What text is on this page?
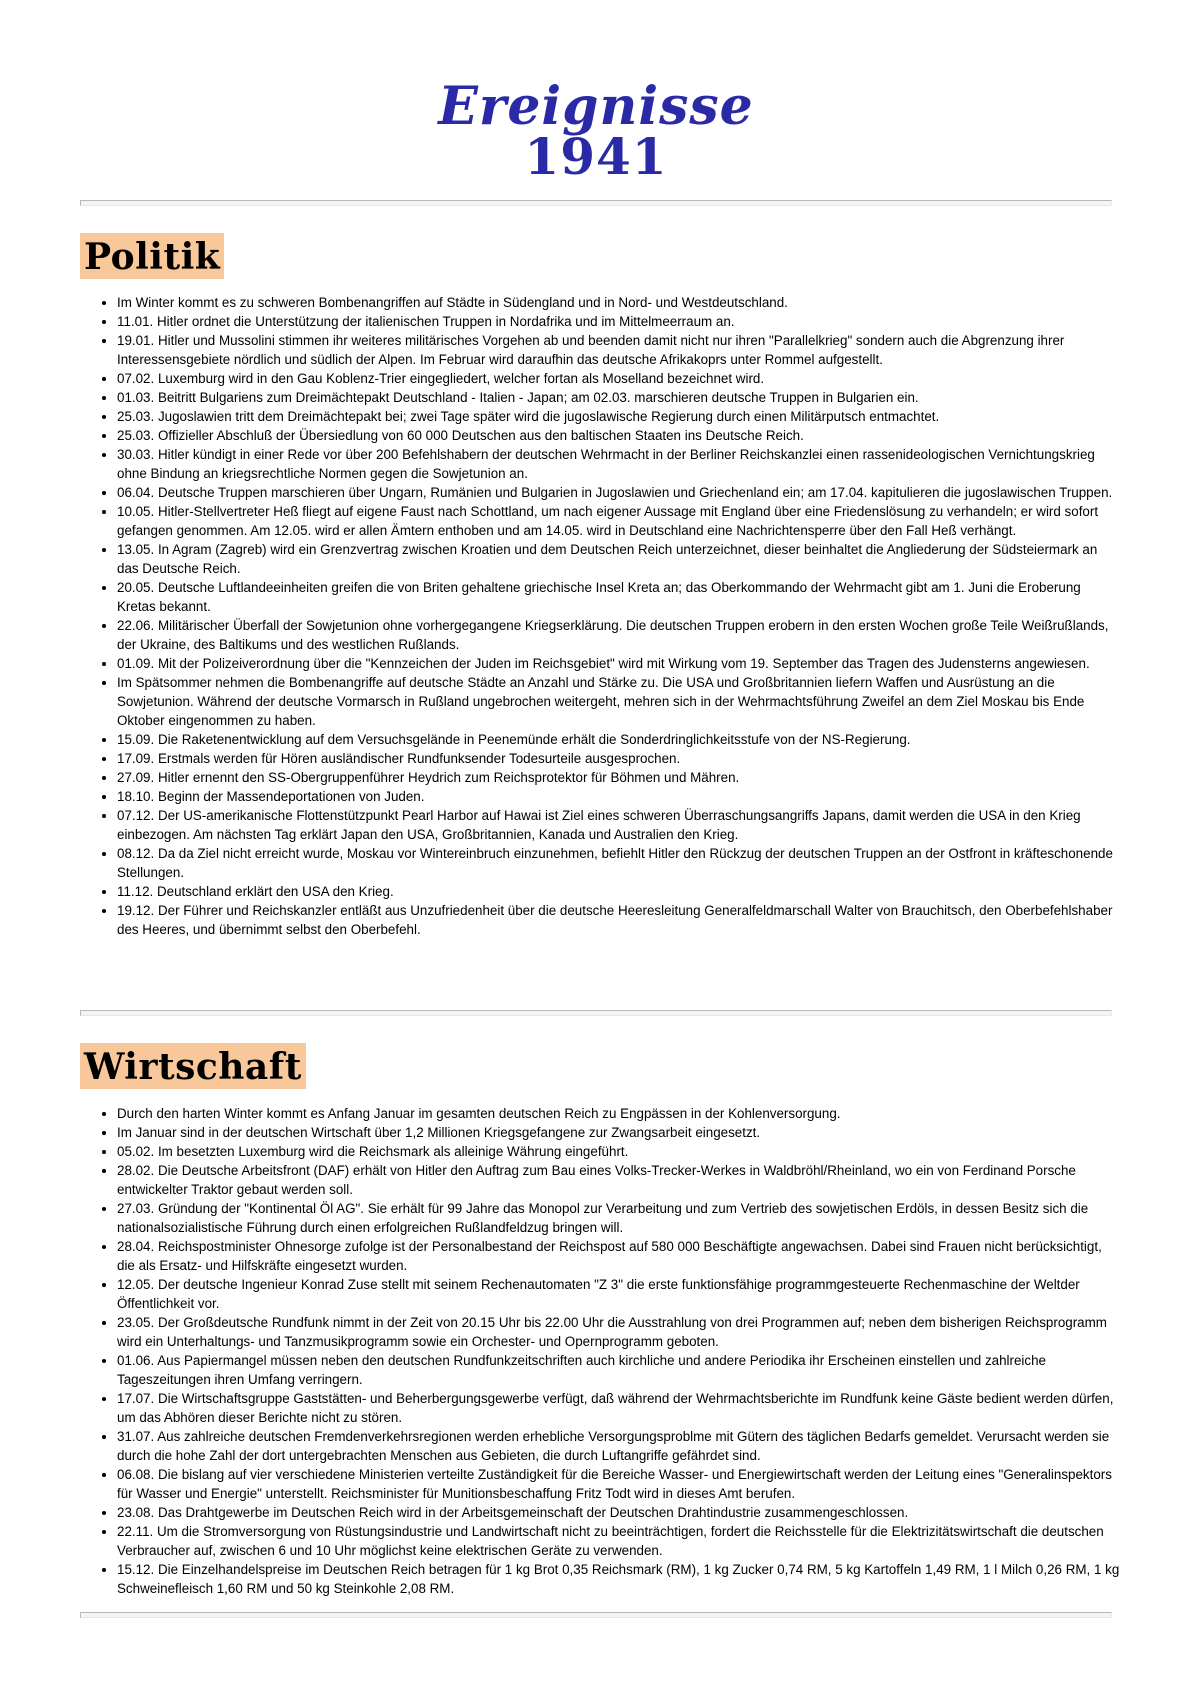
Ereignisse
1941
Politik
• Im Winter kommt es zu schweren Bombenangriffen auf Städte in Südengland und in Nord- und Westdeutschland.
• 11.01. Hitler ordnet die Unterstützung der italienischen Truppen in Nordafrika und im Mittelmeerraum an.
• 19.01. Hitler und Mussolini stimmen ihr weiteres militärisches Vorgehen ab und beenden damit nicht nur ihren "Parallelkrieg" sondern auch die Abgrenzung ihrer Interessensgebiete nördlich und südlich der Alpen. Im Februar wird daraufhin das deutsche Afrikakoprs unter Rommel aufgestellt.
• 07.02. Luxemburg wird in den Gau Koblenz-Trier eingegliedert, welcher fortan als Moselland bezeichnet wird.
• 01.03. Beitritt Bulgariens zum Dreimächtepakt Deutschland - Italien - Japan; am 02.03. marschieren deutsche Truppen in Bulgarien ein.
• 25.03. Jugoslawien tritt dem Dreimächtepakt bei; zwei Tage später wird die jugoslawische Regierung durch einen Militärputsch entmachtet.
• 25.03. Offizieller Abschluß der Übersiedlung von 60 000 Deutschen aus den baltischen Staaten ins Deutsche Reich.
• 30.03. Hitler kündigt in einer Rede vor über 200 Befehlshabern der deutschen Wehrmacht in der Berliner Reichskanzlei einen rassenideologischen Vernichtungskrieg ohne Bindung an kriegsrechtliche Normen gegen die Sowjetunion an.
• 06.04. Deutsche Truppen marschieren über Ungarn, Rumänien und Bulgarien in Jugoslawien und Griechenland ein; am 17.04. kapitulieren die jugoslawischen Truppen.
• 10.05. Hitler-Stellvertreter Heß fliegt auf eigene Faust nach Schottland, um nach eigener Aussage mit England über eine Friedenslösung zu verhandeln; er wird sofort gefangen genommen. Am 12.05. wird er allen Ämtern enthoben und am 14.05. wird in Deutschland eine Nachrichtensperre über den Fall Heß verhängt.
• 13.05. In Agram (Zagreb) wird ein Grenzvertrag zwischen Kroatien und dem Deutschen Reich unterzeichnet, dieser beinhaltet die Angliederung der Südsteiermark an das Deutsche Reich.
• 20.05. Deutsche Luftlandeeinheiten greifen die von Briten gehaltene griechische Insel Kreta an; das Oberkommando der Wehrmacht gibt am 1. Juni die Eroberung Kretas bekannt.
• 22.06. Militärischer Überfall der Sowjetunion ohne vorhergegangene Kriegserklärung. Die deutschen Truppen erobern in den ersten Wochen große Teile Weißrußlands, der Ukraine, des Baltikums und des westlichen Rußlands.
• 01.09. Mit der Polizeiverordnung über die "Kennzeichen der Juden im Reichsgebiet" wird mit Wirkung vom 19. September das Tragen des Judensterns angewiesen.
• Im Spätsommer nehmen die Bombenangriffe auf deutsche Städte an Anzahl und Stärke zu. Die USA und Großbritannien liefern Waffen und Ausrüstung an die Sowjetunion. Während der deutsche Vormarsch in Rußland ungebrochen weitergeht, mehren sich in der Wehrmachtsführung Zweifel an dem Ziel Moskau bis Ende Oktober eingenommen zu haben.
• 15.09. Die Raketenentwicklung auf dem Versuchsgelände in Peenemünde erhält die Sonderdringlichkeitsstufe von der NS-Regierung.
• 17.09. Erstmals werden für Hören ausländischer Rundfunksender Todesurteile ausgesprochen.
• 27.09. Hitler ernennt den SS-Obergruppenführer Heydrich zum Reichsprotektor für Böhmen und Mähren.
• 18.10. Beginn der Massendeportationen von Juden.
• 07.12. Der US-amerikanische Flottenstützpunkt Pearl Harbor auf Hawai ist Ziel eines schweren Überraschungsangriffs Japans, damit werden die USA in den Krieg einbezogen. Am nächsten Tag erklärt Japan den USA, Großbritannien, Kanada und Australien den Krieg.
• 08.12. Da da Ziel nicht erreicht wurde, Moskau vor Wintereinbruch einzunehmen, befiehlt Hitler den Rückzug der deutschen Truppen an der Ostfront in kräfteschonende Stellungen.
• 11.12. Deutschland erklärt den USA den Krieg.
• 19.12. Der Führer und Reichskanzler entläßt aus Unzufriedenheit über die deutsche Heeresleitung Generalfeldmarschall Walter von Brauchitsch, den Oberbefehlshaber des Heeres, und übernimmt selbst den Oberbefehl.
Wirtschaft
• Durch den harten Winter kommt es Anfang Januar im gesamten deutschen Reich zu Engpässen in der Kohlenversorgung.
• Im Januar sind in der deutschen Wirtschaft über 1,2 Millionen Kriegsgefangene zur Zwangsarbeit eingesetzt.
• 05.02. Im besetzten Luxemburg wird die Reichsmark als alleinige Währung eingeführt.
• 28.02. Die Deutsche Arbeitsfront (DAF) erhält von Hitler den Auftrag zum Bau eines Volks-Trecker-Werkes in Waldbröhl/Rheinland, wo ein von Ferdinand Porsche entwickelter Traktor gebaut werden soll.
• 27.03. Gründung der "Kontinental Öl AG". Sie erhält für 99 Jahre das Monopol zur Verarbeitung und zum Vertrieb des sowjetischen Erdöls, in dessen Besitz sich die nationalsozialistische Führung durch einen erfolgreichen Rußlandfeldzug bringen will.
• 28.04. Reichspostminister Ohnesorge zufolge ist der Personalbestand der Reichspost auf 580 000 Beschäftigte angewachsen. Dabei sind Frauen nicht berücksichtigt, die als Ersatz- und Hilfskräfte eingesetzt wurden.
• 12.05. Der deutsche Ingenieur Konrad Zuse stellt mit seinem Rechenautomaten "Z 3" die erste funktionsfähige programmgesteuerte Rechenmaschine der Weltder Öffentlichkeit vor.
• 23.05. Der Großdeutsche Rundfunk nimmt in der Zeit von 20.15 Uhr bis 22.00 Uhr die Ausstrahlung von drei Programmen auf; neben dem bisherigen Reichsprogramm wird ein Unterhaltungs- und Tanzmusikprogramm sowie ein Orchester- und Opernprogramm geboten.
• 01.06. Aus Papiermangel müssen neben den deutschen Rundfunkzeitschriften auch kirchliche und andere Periodika ihr Erscheinen einstellen und zahlreiche Tageszeitungen ihren Umfang verringern.
• 17.07. Die Wirtschaftsgruppe Gaststätten- und Beherbergungsgewerbe verfügt, daß während der Wehrmachtsberichte im Rundfunk keine Gäste bedient werden dürfen, um das Abhören dieser Berichte nicht zu stören.
• 31.07. Aus zahlreiche deutschen Fremdenverkehrsregionen werden erhebliche Versorgungsproblme mit Gütern des täglichen Bedarfs gemeldet. Verursacht werden sie durch die hohe Zahl der dort untergebrachten Menschen aus Gebieten, die durch Luftangriffe gefährdet sind.
• 06.08. Die bislang auf vier verschiedene Ministerien verteilte Zuständigkeit für die Bereiche Wasser- und Energiewirtschaft werden der Leitung eines "Generalinspektors für Wasser und Energie" unterstellt. Reichsminister für Munitionsbeschaffung Fritz Todt wird in dieses Amt berufen.
• 23.08. Das Drahtgewerbe im Deutschen Reich wird in der Arbeitsgemeinschaft der Deutschen Drahtindustrie zusammengeschlossen.
• 22.11. Um die Stromversorgung von Rüstungsindustrie und Landwirtschaft nicht zu beeinträchtigen, fordert die Reichsstelle für die Elektrizitätswirtschaft die deutschen Verbraucher auf, zwischen 6 und 10 Uhr möglichst keine elektrischen Geräte zu verwenden.
• 15.12. Die Einzelhandelspreise im Deutschen Reich betragen für 1 kg Brot 0,35 Reichsmark (RM), 1 kg Zucker 0,74 RM, 5 kg Kartoffeln 1,49 RM, 1 l Milch 0,26 RM, 1 kg Schweinefleisch 1,60 RM und 50 kg Steinkohle 2,08 RM.
